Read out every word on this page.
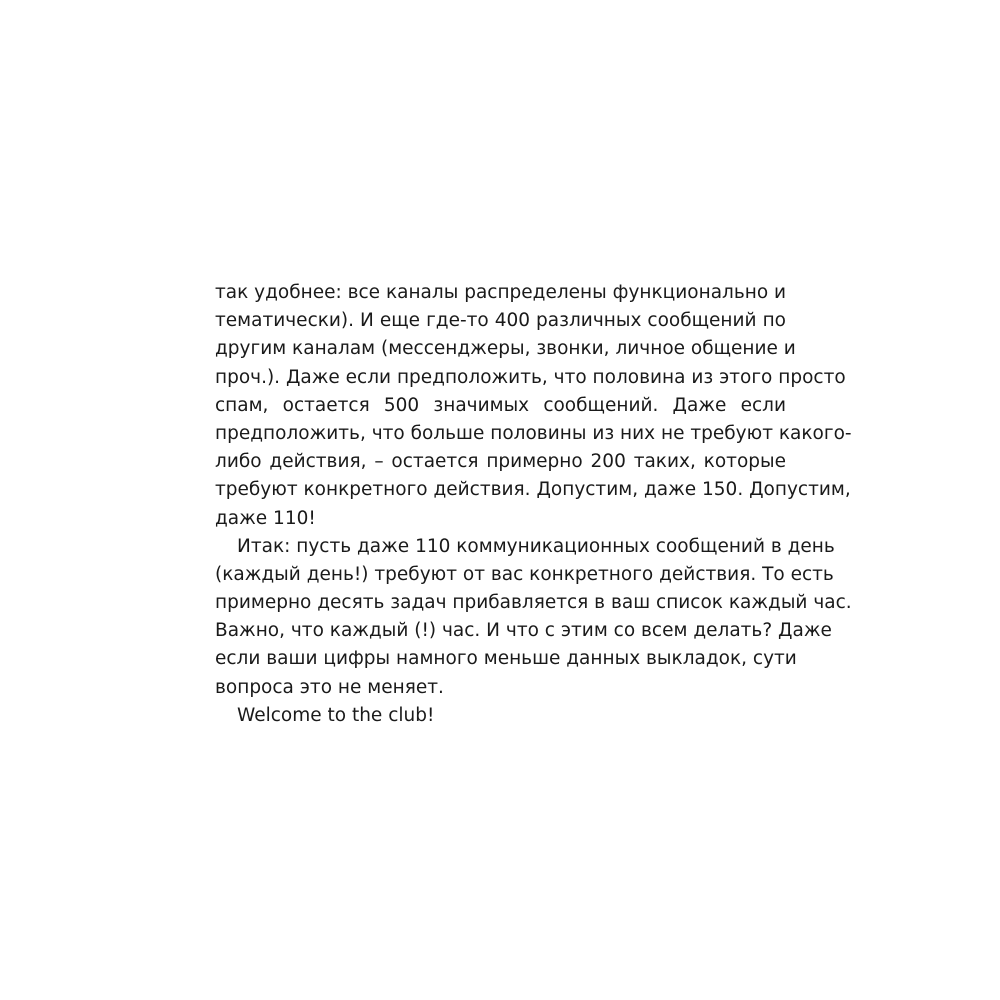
так удобнее: все каналы распределены функционально и
тематически). И еще где-то 400 различных сообщений по
другим каналам (мессенджеры, звонки, личное общение и
проч.). Даже если предположить, что половина из этого просто
спам, остается 500 значимых сообщений. Даже если
предположить, что больше половины из них не требуют какого-
либо действия, – остается примерно 200 таких, которые
требуют конкретного действия. Допустим, даже 150. Допустим,
даже 110!
Итак: пусть даже 110 коммуникационных сообщений в день
(каждый день!) требуют от вас конкретного действия. То есть
примерно десять задач прибавляется в ваш список каждый час.
Важно, что каждый (!) час. И что с этим со всем делать? Даже
если ваши цифры намного меньше данных выкладок, сути
вопроса это не меняет.
Welcome to the club!
